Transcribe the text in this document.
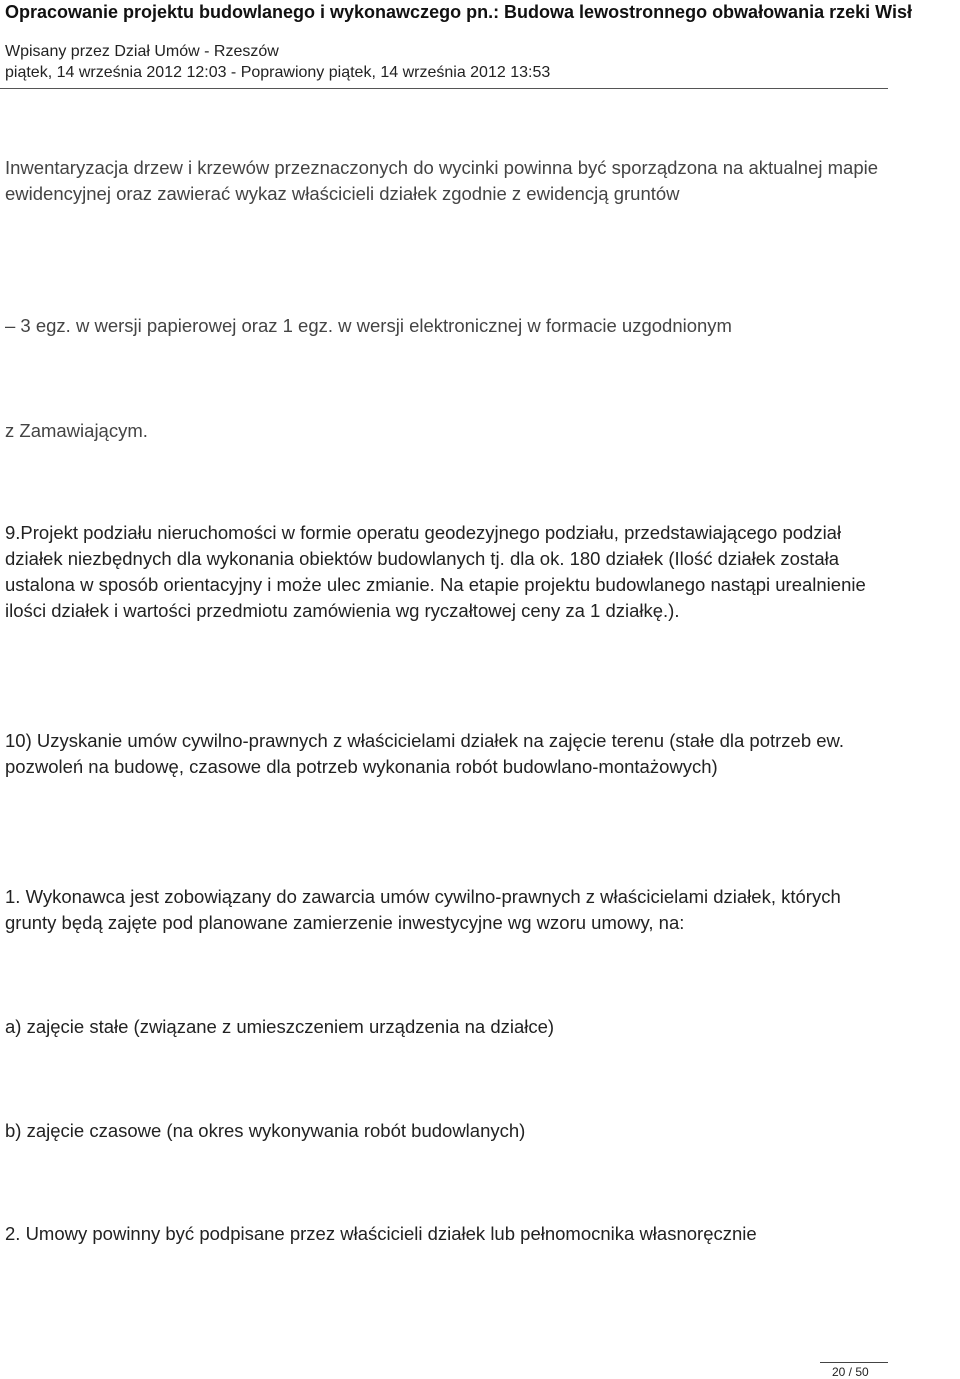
Opracowanie projektu budowlanego i wykonawczego pn.: Budowa lewostronnego obwałowania rzeki Wisł
Wpisany przez Dział Umów - Rzeszów
piątek, 14 września 2012 12:03 - Poprawiony piątek, 14 września 2012 13:53

Inwentaryzacja drzew i krzewów przeznaczonych do wycinki powinna być sporządzona na aktualnej mapie ewidencyjnej oraz zawierać wykaz właścicieli działek zgodnie z ewidencją gruntów

– 3 egz. w wersji papierowej oraz 1 egz. w wersji elektronicznej w formacie uzgodnionym

z Zamawiającym.

9.Projekt podziału nieruchomości w formie operatu geodezyjnego podziału, przedstawiającego podział działek niezbędnych dla wykonania obiektów budowlanych tj. dla ok. 180 działek (Ilość działek została ustalona w sposób orientacyjny i może ulec zmianie. Na etapie projektu budowlanego nastąpi urealnienie ilości działek i wartości przedmiotu zamówienia wg ryczałtowej ceny za 1 działkę.).

10) Uzyskanie umów cywilno-prawnych z właścicielami działek na zajęcie terenu (stałe dla potrzeb ew. pozwoleń na budowę, czasowe dla potrzeb wykonania robót budowlano-montażowych)

1. Wykonawca jest zobowiązany do zawarcia umów cywilno-prawnych z właścicielami działek, których grunty będą zajęte pod planowane zamierzenie inwestycyjne wg wzoru umowy, na:

a) zajęcie stałe (związane z umieszczeniem urządzenia na działce)

b) zajęcie czasowe (na okres wykonywania robót budowlanych)

2. Umowy powinny być podpisane przez właścicieli działek lub pełnomocnika własnoręcznie

20 / 50
